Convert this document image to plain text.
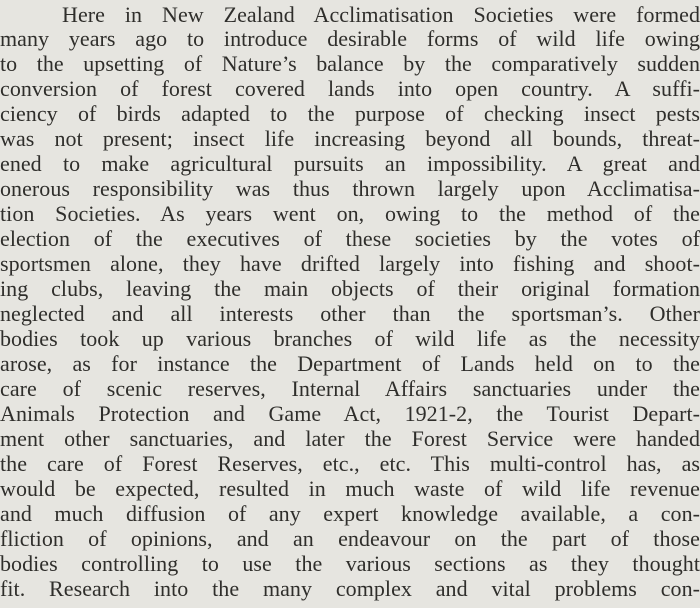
Here in New Zealand Acclimatisation Societies were formed
many years ago to introduce desirable forms of wild life owing
to the upsetting of Nature’s balance by the comparatively sudden
conversion of forest covered lands into open country. A suffi-
ciency of birds adapted to the purpose of checking insect pests
was not present; insect life increasing beyond all bounds, threat-
ened to make agricultural pursuits an impossibility. A great and
onerous responsibility was thus thrown largely upon Acclimatisa-
tion Societies. As years went on, owing to the method of the
election of the executives of these societies by the votes of
sportsmen alone, they have drifted largely into fishing and shoot-
ing clubs, leaving the main objects of their original formation
neglected and all interests other than the sportsman’s. Other
bodies took up various branches of wild life as the necessity
arose, as for instance the Department of Lands held on to the
care of scenic reserves, Internal Affairs sanctuaries under the
Animals Protection and Game Act, 1921-2, the Tourist Depart-
ment other sanctuaries, and later the Forest Service were handed
the care of Forest Reserves, etc., etc. This multi-control has, as
would be expected, resulted in much waste of wild life revenue
and much diffusion of any expert knowledge available, a con-
fliction of opinions, and an endeavour on the part of those
bodies controlling to use the various sections as they thought
fit. Research into the many complex and vital problems con-
